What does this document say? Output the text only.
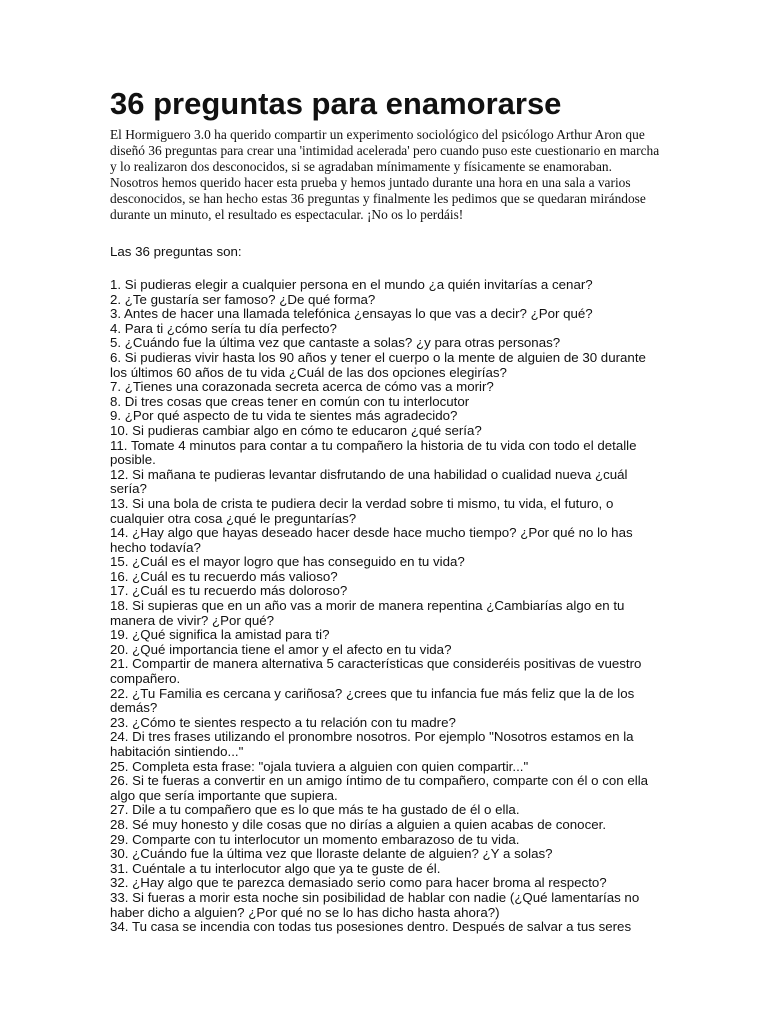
36 preguntas para enamorarse

El Hormiguero 3.0 ha querido compartir un experimento sociológico del psicólogo Arthur Aron que diseñó 36 preguntas para crear una 'intimidad acelerada' pero cuando puso este cuestionario en marcha y lo realizaron dos desconocidos, si se agradaban mínimamente y físicamente se enamoraban. Nosotros hemos querido hacer esta prueba y hemos juntado durante una hora en una sala a varios desconocidos, se han hecho estas 36 preguntas y finalmente les pedimos que se quedaran mirándose durante un minuto, el resultado es espectacular. ¡No os lo perdáis!

Las 36 preguntas son:

1. Si pudieras elegir a cualquier persona en el mundo ¿a quién invitarías a cenar?
2. ¿Te gustaría ser famoso? ¿De qué forma?
3. Antes de hacer una llamada telefónica ¿ensayas lo que vas a decir? ¿Por qué?
4. Para ti ¿cómo sería tu día perfecto?
5. ¿Cuándo fue la última vez que cantaste a solas? ¿y para otras personas?
6. Si pudieras vivir hasta los 90 años y tener el cuerpo o la mente de alguien de 30 durante los últimos 60 años de tu vida ¿Cuál de las dos opciones elegirías?
7. ¿Tienes una corazonada secreta acerca de cómo vas a morir?
8. Di tres cosas que creas tener en común con tu interlocutor
9. ¿Por qué aspecto de tu vida te sientes más agradecido?
10. Si pudieras cambiar algo en cómo te educaron ¿qué sería?
11. Tomate 4 minutos para contar a tu compañero la historia de tu vida con todo el detalle posible.
12. Si mañana te pudieras levantar disfrutando de una habilidad o cualidad nueva ¿cuál sería?
13. Si una bola de crista te pudiera decir la verdad sobre ti mismo, tu vida, el futuro, o cualquier otra cosa ¿qué le preguntarías?
14. ¿Hay algo que hayas deseado hacer desde hace mucho tiempo? ¿Por qué no lo has hecho todavía?
15. ¿Cuál es el mayor logro que has conseguido en tu vida?
16. ¿Cuál es tu recuerdo más valioso?
17. ¿Cuál es tu recuerdo más doloroso?
18. Si supieras que en un año vas a morir de manera repentina ¿Cambiarías algo en tu manera de vivir? ¿Por qué?
19. ¿Qué significa la amistad para ti?
20. ¿Qué importancia tiene el amor y el afecto en tu vida?
21. Compartir de manera alternativa 5 características que consideréis positivas de vuestro compañero.
22. ¿Tu Familia es cercana y cariñosa? ¿crees que tu infancia fue más feliz que la de los demás?
23. ¿Cómo te sientes respecto a tu relación con tu madre?
24. Di tres frases utilizando el pronombre nosotros. Por ejemplo "Nosotros estamos en la habitación sintiendo..."
25. Completa esta frase: "ojala tuviera a alguien con quien compartir..."
26. Si te fueras a convertir en un amigo íntimo de tu compañero, comparte con él o con ella algo que sería importante que supiera.
27. Dile a tu compañero que es lo que más te ha gustado de él o ella.
28. Sé muy honesto y dile cosas que no dirías a alguien a quien acabas de conocer.
29. Comparte con tu interlocutor un momento embarazoso de tu vida.
30. ¿Cuándo fue la última vez que lloraste delante de alguien? ¿Y a solas?
31. Cuéntale a tu interlocutor algo que ya te guste de él.
32. ¿Hay algo que te parezca demasiado serio como para hacer broma al respecto?
33. Si fueras a morir esta noche sin posibilidad de hablar con nadie (¿Qué lamentarías no haber dicho a alguien? ¿Por qué no se lo has dicho hasta ahora?)
34. Tu casa se incendia con todas tus posesiones dentro. Después de salvar a tus seres
